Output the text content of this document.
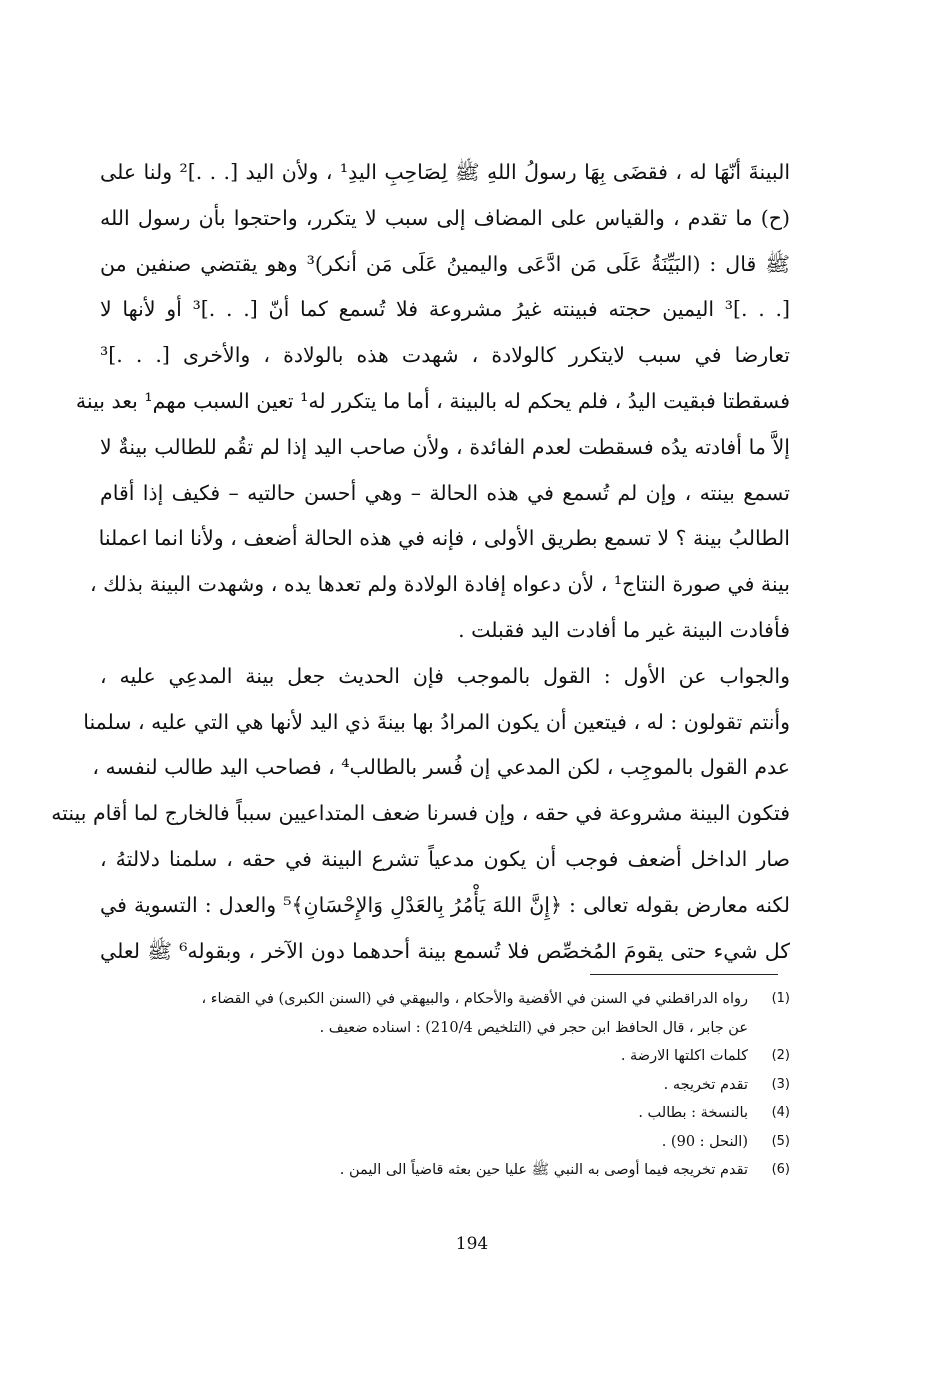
البينةَ أنّهَا له ، فقضَى بِهَا رسولُ اللهِ ﷺ لِصَاحِبِ اليدِ¹ ، ولأن اليد [. . .]² ولنا على
(ح) ما تقدم ، والقياس على المضاف إلى سبب لا يتكرر، واحتجوا بأن رسول الله
ﷺ قال : (البَيِّنَةُ عَلَى مَن ادَّعَى واليمينُ عَلَى مَن أنكر)³ وهو يقتضي صنفين من
[. . .]³ اليمين حجته فبينته غيرُ مشروعة فلا تُسمع كما أنّ [. . .]³ أو لأنها لا
تعارضا في سبب لايتكرر كالولادة ، شهدت هذه بالولادة ، والأخرى [. . .]³
فسقطتا فبقيت اليدُ ، فلم يحكم له بالبينة ، أما ما يتكرر له¹ تعين السبب مهم¹ بعد بينة
إلاَّ ما أفادته يدُه فسقطت لعدم الفائدة ، ولأن صاحب اليد إذا لم تقُم للطالب بينةٌ لا
تسمع بينته ، وإن لم تُسمع في هذه الحالة – وهي أحسن حالتيه – فكيف إذا أقام
الطالبُ بينة ؟ لا تسمع بطريق الأولى ، فإنه في هذه الحالة أضعف ، ولأنا انما اعملنا
بينة في صورة النتاج¹ ، لأن دعواه إفادة الولادة ولم تعدها يده ، وشهدت البينة بذلك ،
فأفادت البينة غير ما أفادت اليد فقبلت .
والجواب عن الأول : القول بالموجب فإن الحديث جعل بينة المدعِي عليه ،
وأنتم تقولون : له ، فيتعين أن يكون المرادُ بها بينةَ ذي اليد لأنها هي التي عليه ، سلمنا
عدم القول بالموجِب ، لكن المدعي إن فُسر بالطالب⁴ ، فصاحب اليد طالب لنفسه ،
فتكون البينة مشروعة في حقه ، وإن فسرنا ضعف المتداعيين سبباً فالخارج لما أقام بينته
صار الداخل أضعف فوجب أن يكون مدعياً تشرع البينة في حقه ، سلمنا دلالتهُ ،
لكنه معارض بقوله تعالى : ﴿إِنَّ اللهَ يَأْمُرُ بِالعَدْلِ وَالإِحْسَانِ﴾⁵ والعدل : التسوية في
كل شيء حتى يقومَ المُخصِّص فلا تُسمع بينة أحدهما دون الآخر ، وبقوله⁶ ﷺ لعلي
(1)
رواه الدراقطني في السنن في الأقضية والأحكام ، والبيهقي في (السنن الكبرى) في القضاء ،
عن جابر ، قال الحافظ ابن حجر في (التلخيص 210/4) : اسناده ضعيف .
(2)
كلمات اكلتها الارضة .
(3)
تقدم تخريجه .
(4)
بالنسخة : بطالب .
(5)
(النحل : 90) .
(6)
تقدم تخريجه فيما أوصى به النبي ﷺ عليا حين بعثه قاضياً الى اليمن .
194
